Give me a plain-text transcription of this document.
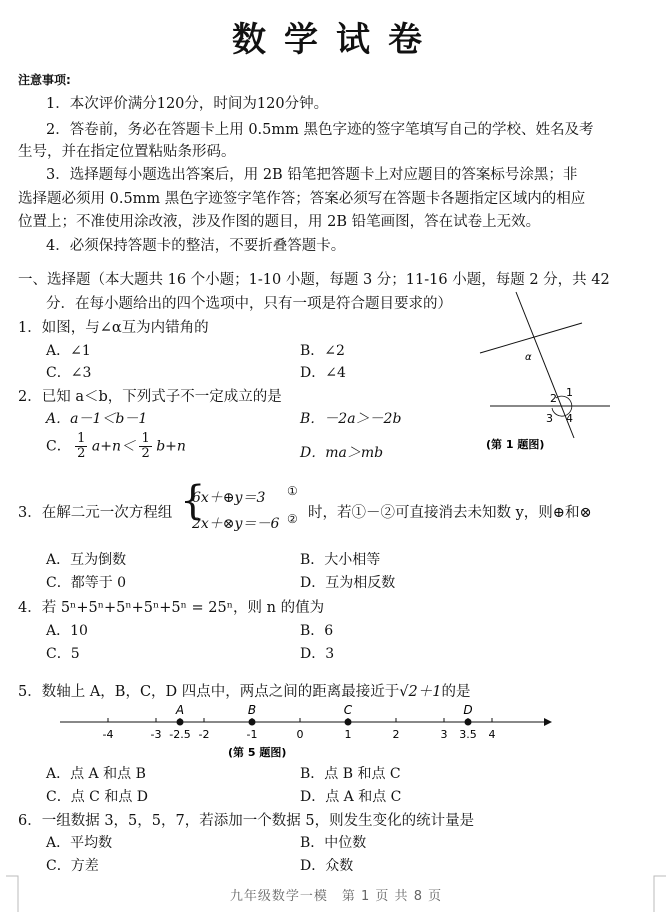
数学试卷
注意事项:
1．本次评价满分120分，时间为120分钟。
2．答卷前，务必在答题卡上用 0.5mm 黑色字迹的签字笔填写自己的学校、姓名及考
生号，并在指定位置粘贴条形码。
3．选择题每小题选出答案后，用 2B 铅笔把答题卡上对应题目的答案标号涂黑；非
选择题必须用 0.5mm 黑色字迹签字笔作答；答案必须写在答题卡各题指定区域内的相应
位置上；不准使用涂改液，涉及作图的题目，用 2B 铅笔画图，答在试卷上无效。
4．必须保持答题卡的整洁，不要折叠答题卡。
一、选择题（本大题共 16 个小题；1-10 小题，每题 3 分；11-16 小题，每题 2 分，共 42
分．在每小题给出的四个选项中，只有一项是符合题目要求的）
1．如图，与∠α互为内错角的
A．∠1	B．∠2
C．∠3	D．∠4
α
1
2
3 4
(第 1 题图)
2．已知 a＜b，下列式子不一定成立的是
A．a－1＜b－1	B．－2a＞－2b
C． $\frac{1}{2} a+n< \frac{1}{2} b+n$	D．ma＞mb
3．在解二元一次方程组 {
6x＋⊕y＝3
2x＋⊗y＝－6
①
② 时，若①－②可直接消去未知数 y，则⊕和⊗
A．互为倒数	B．大小相等
C．都等于 0	D．互为相反数
4．若 5ⁿ+5ⁿ+5ⁿ+5ⁿ+5ⁿ = 25ⁿ，则 n 的值为
A．10	B．6
C．5	D．3
5．数轴上 A，B，C，D 四点中，两点之间的距离最接近于√2＋1的是
-4	-3 -2.5 -2	-1	0	1	2	3 3.5 4
A	B	C	D
(第 5 题图)
A．点 A 和点 B	B．点 B 和点 C
C．点 C 和点 D	D．点 A 和点 C
6．一组数据 3，5，5，7，若添加一个数据 5，则发生变化的统计量是
A．平均数	B．中位数
C．方差	D．众数
九年级数学一模　第 1 页 共 8 页
